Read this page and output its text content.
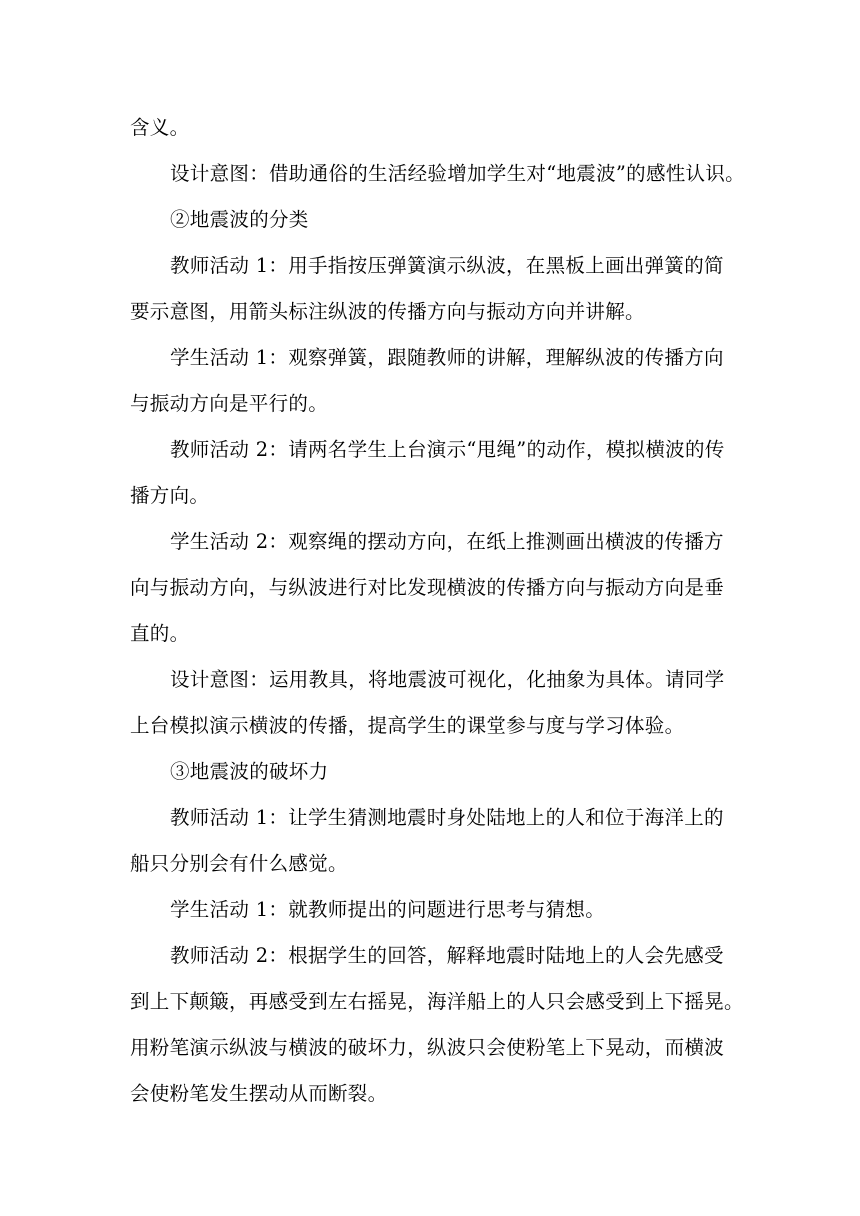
含义。
设计意图：借助通俗的生活经验增加学生对“地震波”的感性认识。
②地震波的分类
教师活动 1：用手指按压弹簧演示纵波，在黑板上画出弹簧的简
要示意图，用箭头标注纵波的传播方向与振动方向并讲解。
学生活动 1：观察弹簧，跟随教师的讲解，理解纵波的传播方向
与振动方向是平行的。
教师活动 2：请两名学生上台演示“甩绳”的动作，模拟横波的传
播方向。
学生活动 2：观察绳的摆动方向，在纸上推测画出横波的传播方
向与振动方向，与纵波进行对比发现横波的传播方向与振动方向是垂
直的。
设计意图：运用教具，将地震波可视化，化抽象为具体。请同学
上台模拟演示横波的传播，提高学生的课堂参与度与学习体验。
③地震波的破坏力
教师活动 1：让学生猜测地震时身处陆地上的人和位于海洋上的
船只分别会有什么感觉。
学生活动 1：就教师提出的问题进行思考与猜想。
教师活动 2：根据学生的回答，解释地震时陆地上的人会先感受
到上下颠簸，再感受到左右摇晃，海洋船上的人只会感受到上下摇晃。
用粉笔演示纵波与横波的破坏力，纵波只会使粉笔上下晃动，而横波
会使粉笔发生摆动从而断裂。
